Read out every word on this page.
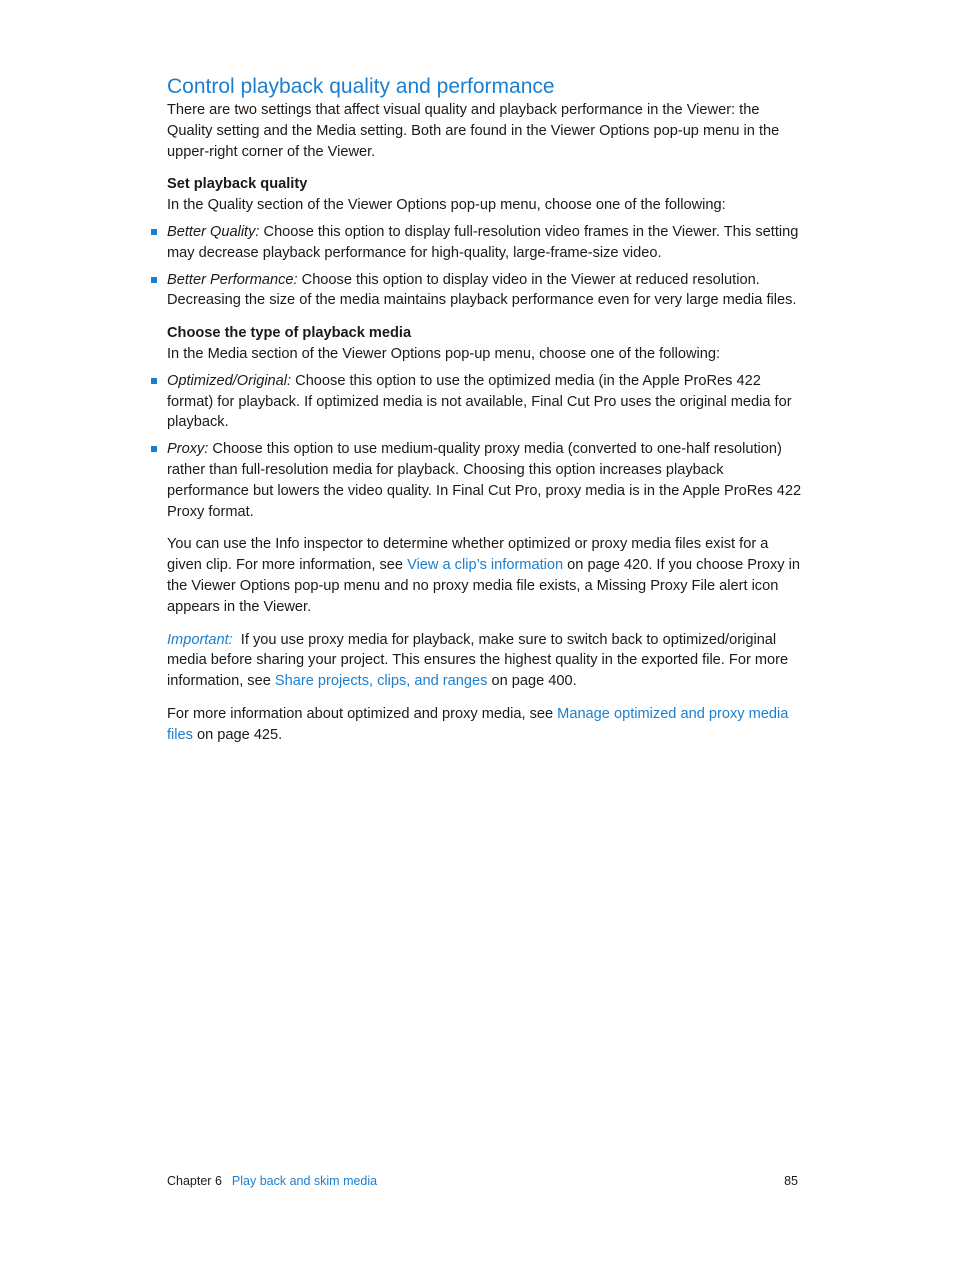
Control playback quality and performance

There are two settings that affect visual quality and playback performance in the Viewer: the Quality setting and the Media setting. Both are found in the Viewer Options pop-up menu in the upper-right corner of the Viewer.

Set playback quality

In the Quality section of the Viewer Options pop-up menu, choose one of the following:

Better Quality: Choose this option to display full-resolution video frames in the Viewer. This setting may decrease playback performance for high-quality, large-frame-size video.
Better Performance: Choose this option to display video in the Viewer at reduced resolution. Decreasing the size of the media maintains playback performance even for very large media files.
Choose the type of playback media

In the Media section of the Viewer Options pop-up menu, choose one of the following:

Optimized/Original: Choose this option to use the optimized media (in the Apple ProRes 422 format) for playback. If optimized media is not available, Final Cut Pro uses the original media for playback.
Proxy: Choose this option to use medium-quality proxy media (converted to one-half resolution) rather than full-resolution media for playback. Choosing this option increases playback performance but lowers the video quality. In Final Cut Pro, proxy media is in the Apple ProRes 422 Proxy format.

You can use the Info inspector to determine whether optimized or proxy media files exist for a given clip. For more information, see View a clip’s information on page 420. If you choose Proxy in the Viewer Options pop-up menu and no proxy media file exists, a Missing Proxy File alert icon appears in the Viewer.

Important:  If you use proxy media for playback, make sure to switch back to optimized/original media before sharing your project. This ensures the highest quality in the exported file. For more information, see Share projects, clips, and ranges on page 400.

For more information about optimized and proxy media, see Manage optimized and proxy media files on page 425.

Chapter 6 Play back and skim media	85
